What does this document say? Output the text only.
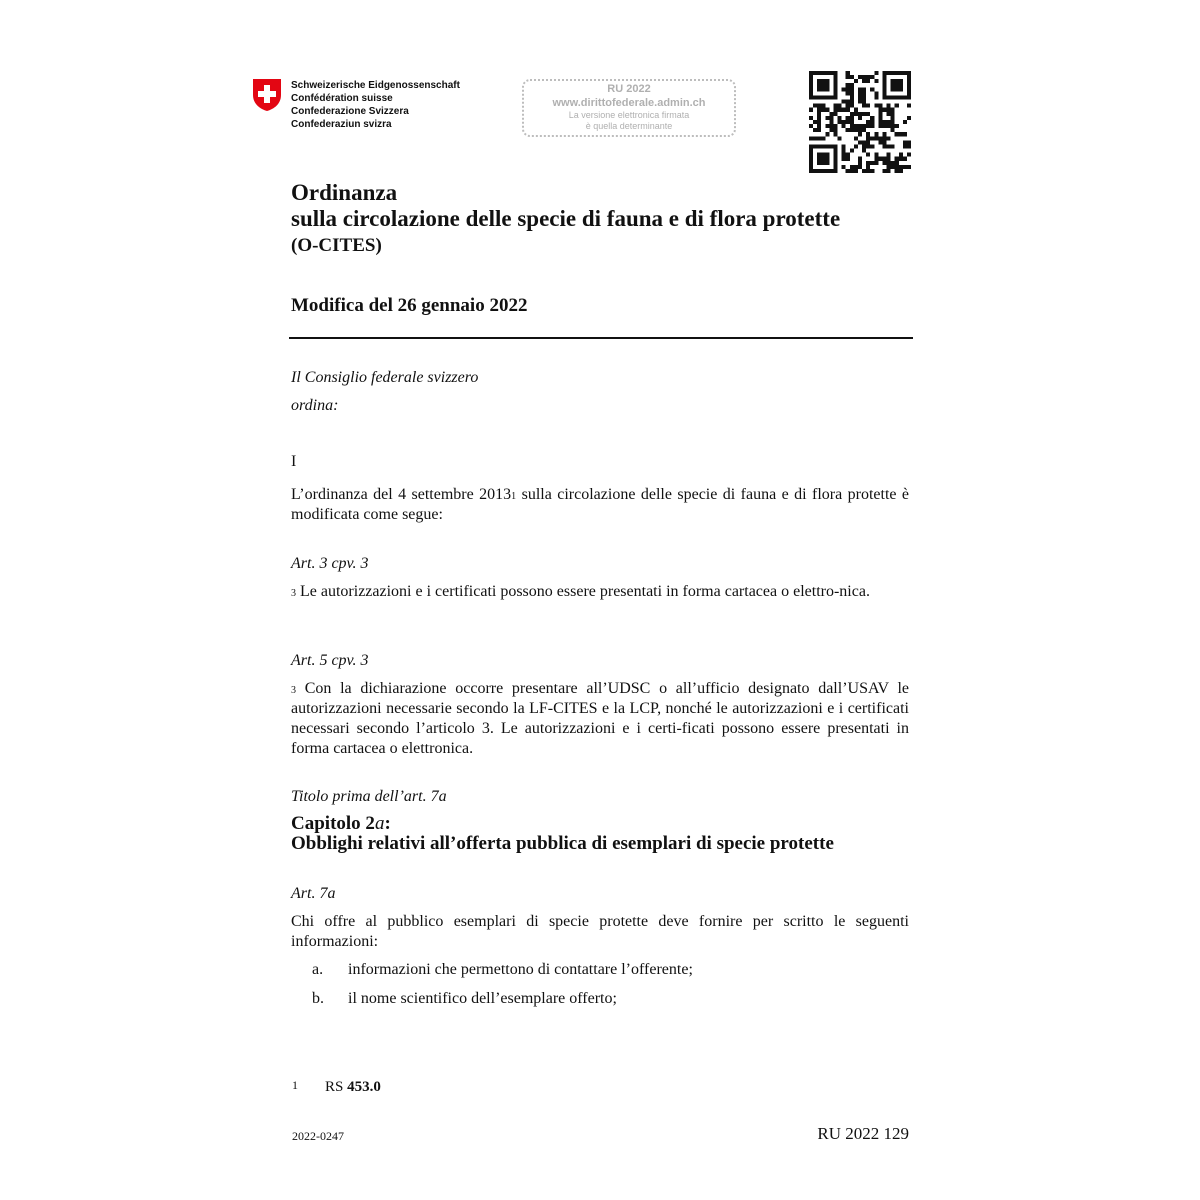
Schweizerische Eidgenossenschaft
Confédération suisse
Confederazione Svizzera
Confederaziun svizra
RU 2022
www.dirittofederale.admin.ch
La versione elettronica firmata
è quella determinante
Ordinanza
sulla circolazione delle specie di fauna e di flora protette
(O-CITES)
Modifica del 26 gennaio 2022
Il Consiglio federale svizzero
ordina:
I
L’ordinanza del 4 settembre 2013$^1$ sulla circolazione delle specie di fauna e di flora protette è modificata come segue:
Art. 3 cpv. 3
$^3$ Le autorizzazioni e i certificati possono essere presentati in forma cartacea o elettro-nica.
Art. 5 cpv. 3
$^3$ Con la dichiarazione occorre presentare all’UDSC o all’ufficio designato dall’USAV le autorizzazioni necessarie secondo la LF-CITES e la LCP, nonché le autorizzazioni e i certificati necessari secondo l’articolo 3. Le autorizzazioni e i certi-ficati possono essere presentati in forma cartacea o elettronica.
Titolo prima dell’art. 7a
Capitolo 2a:
Obblighi relativi all’offerta pubblica di esemplari di specie protette
Art. 7a
Chi offre al pubblico esemplari di specie protette deve fornire per scritto le seguenti informazioni:
a. informazioni che permettono di contattare l’offerente;
b. il nome scientifico dell’esemplare offerto;
1 RS 453.0
2022-0247	RU 2022 129
